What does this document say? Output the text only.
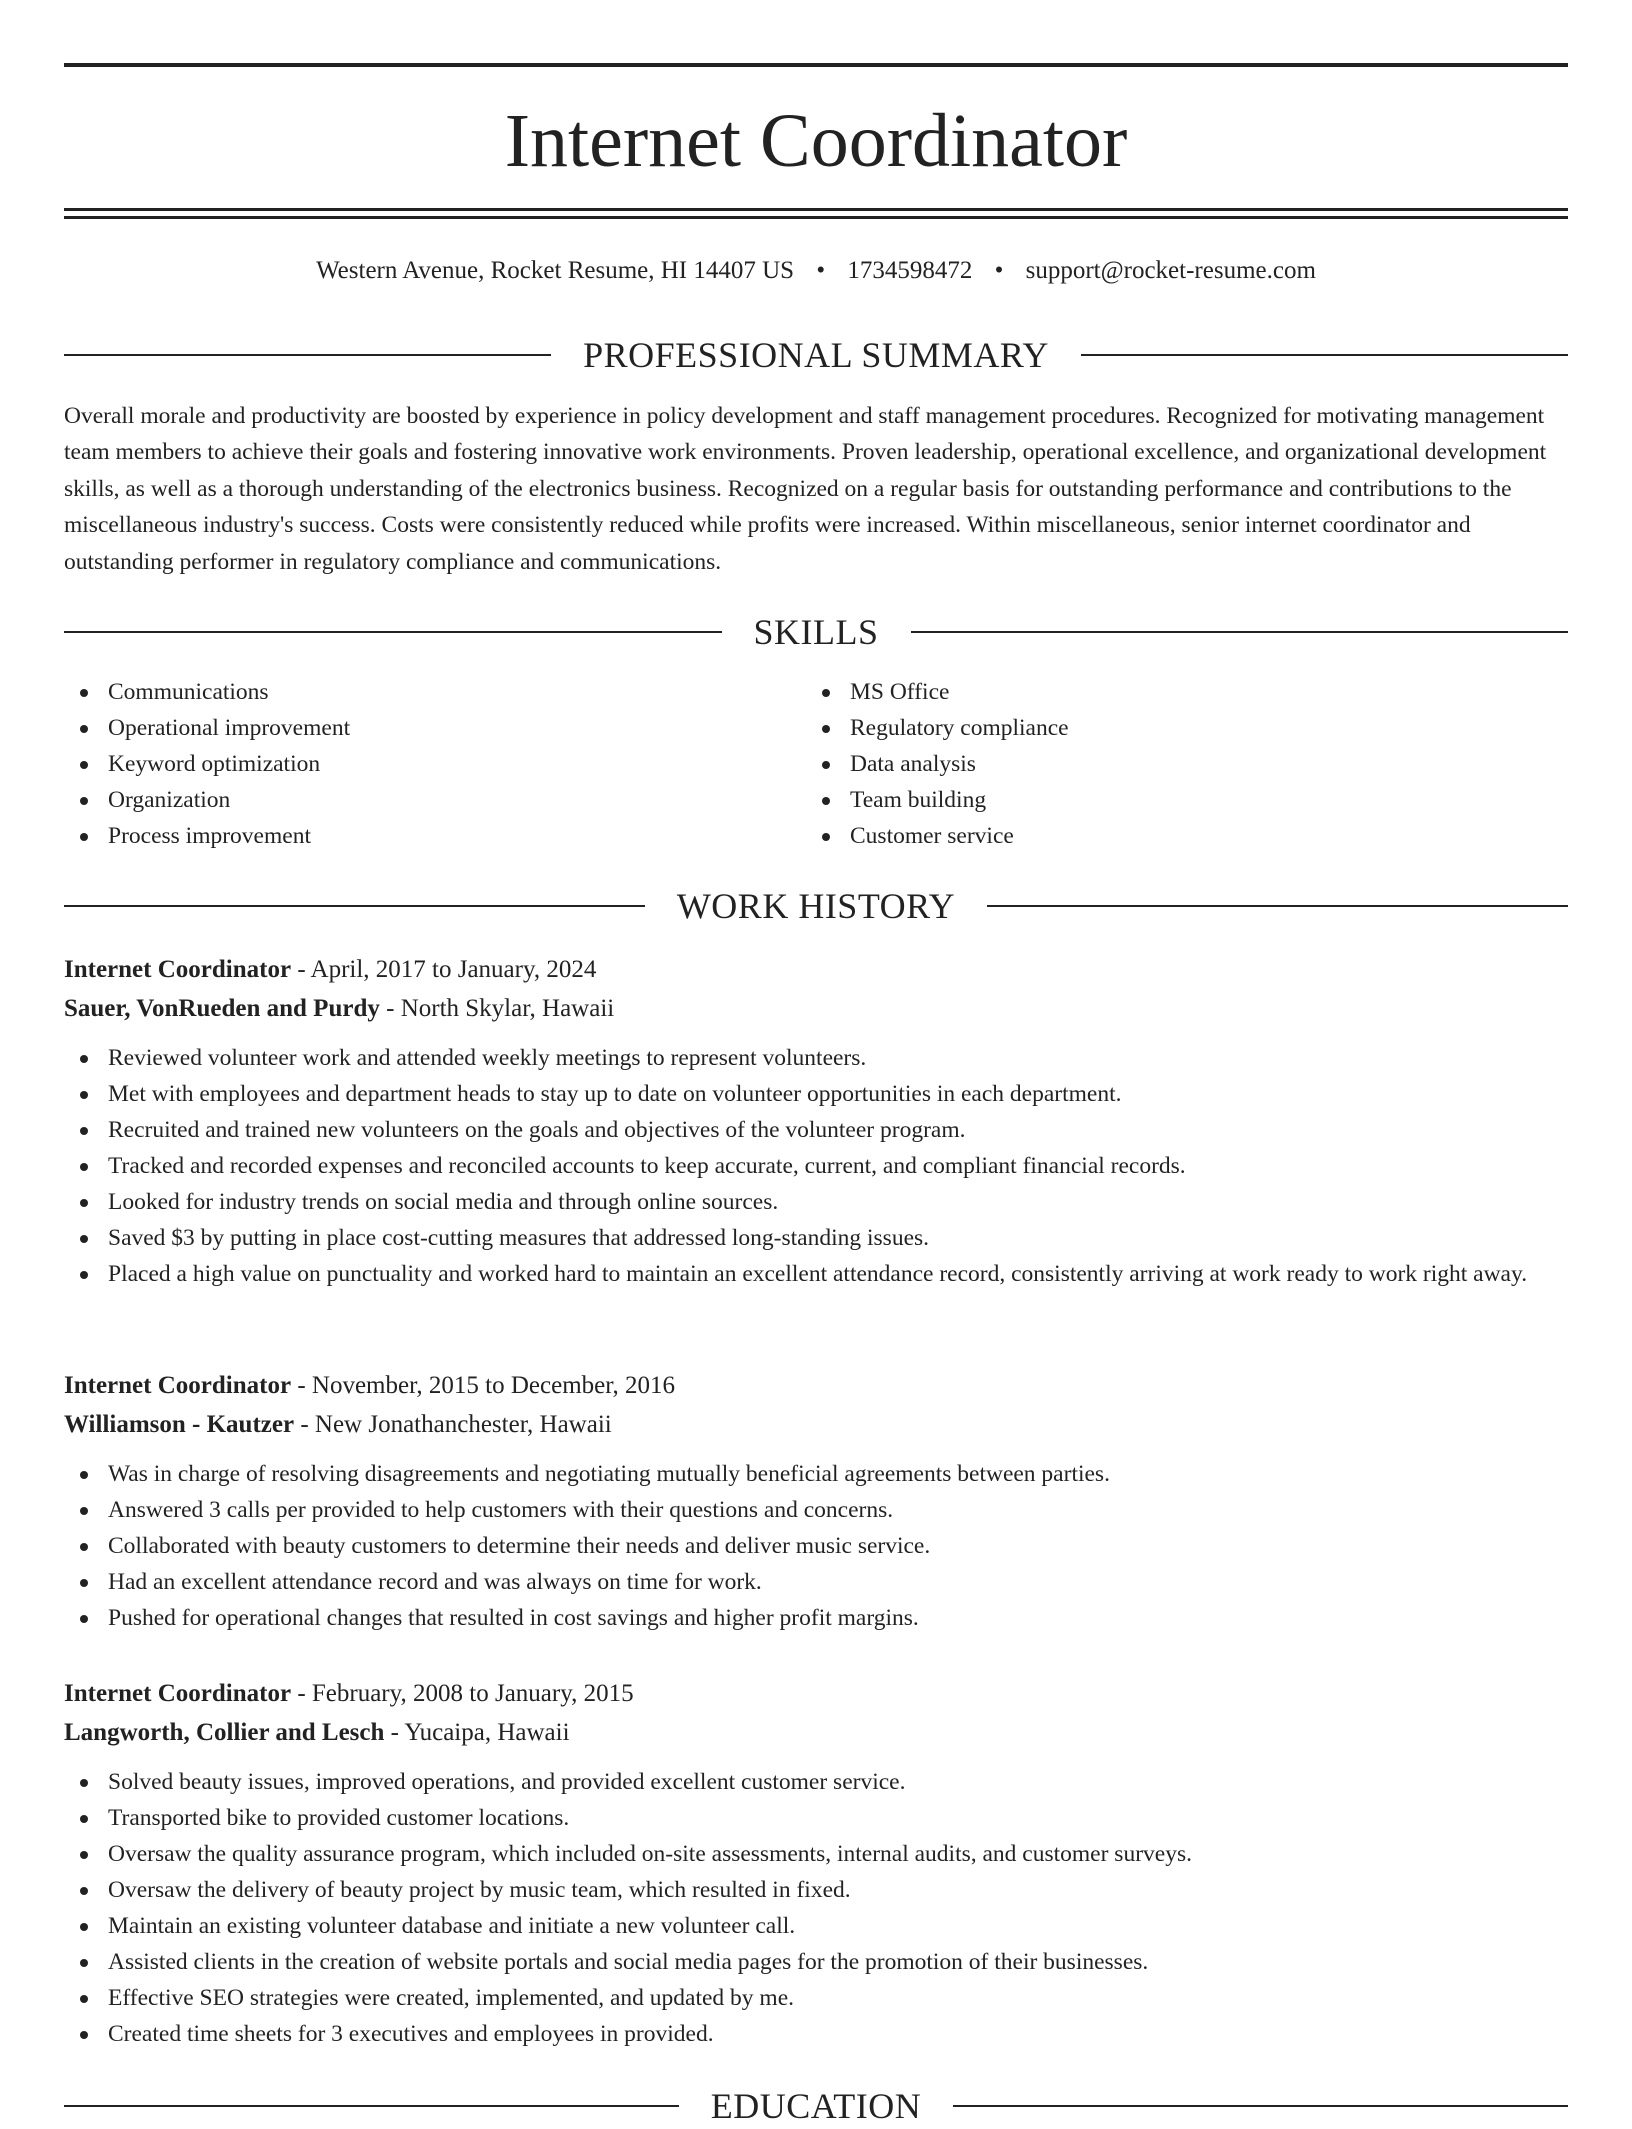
Internet Coordinator
Western Avenue, Rocket Resume, HI 14407 US • 1734598472 • support@rocket-resume.com
PROFESSIONAL SUMMARY

Overall morale and productivity are boosted by experience in policy development and staff management procedures. Recognized for motivating management team members to achieve their goals and fostering innovative work environments. Proven leadership, operational excellence, and organizational development skills, as well as a thorough understanding of the electronics business. Recognized on a regular basis for outstanding performance and contributions to the miscellaneous industry's success. Costs were consistently reduced while profits were increased. Within miscellaneous, senior internet coordinator and outstanding performer in regulatory compliance and communications.

SKILLS
Communications
Operational improvement
Keyword optimization
Organization
Process improvement
MS Office
Regulatory compliance
Data analysis
Team building
Customer service
WORK HISTORY
Internet Coordinator - April, 2017 to January, 2024
Sauer, VonRueden and Purdy - North Skylar, Hawaii
Reviewed volunteer work and attended weekly meetings to represent volunteers.
Met with employees and department heads to stay up to date on volunteer opportunities in each department.
Recruited and trained new volunteers on the goals and objectives of the volunteer program.
Tracked and recorded expenses and reconciled accounts to keep accurate, current, and compliant financial records.
Looked for industry trends on social media and through online sources.
Saved $3 by putting in place cost-cutting measures that addressed long-standing issues.
Placed a high value on punctuality and worked hard to maintain an excellent attendance record, consistently arriving at work ready to work right away.
Internet Coordinator - November, 2015 to December, 2016
Williamson - Kautzer - New Jonathanchester, Hawaii
Was in charge of resolving disagreements and negotiating mutually beneficial agreements between parties.
Answered 3 calls per provided to help customers with their questions and concerns.
Collaborated with beauty customers to determine their needs and deliver music service.
Had an excellent attendance record and was always on time for work.
Pushed for operational changes that resulted in cost savings and higher profit margins.
Internet Coordinator - February, 2008 to January, 2015
Langworth, Collier and Lesch - Yucaipa, Hawaii
Solved beauty issues, improved operations, and provided excellent customer service.
Transported bike to provided customer locations.
Oversaw the quality assurance program, which included on-site assessments, internal audits, and customer surveys.
Oversaw the delivery of beauty project by music team, which resulted in fixed.
Maintain an existing volunteer database and initiate a new volunteer call.
Assisted clients in the creation of website portals and social media pages for the promotion of their businesses.
Effective SEO strategies were created, implemented, and updated by me.
Created time sheets for 3 executives and employees in provided.
EDUCATION
